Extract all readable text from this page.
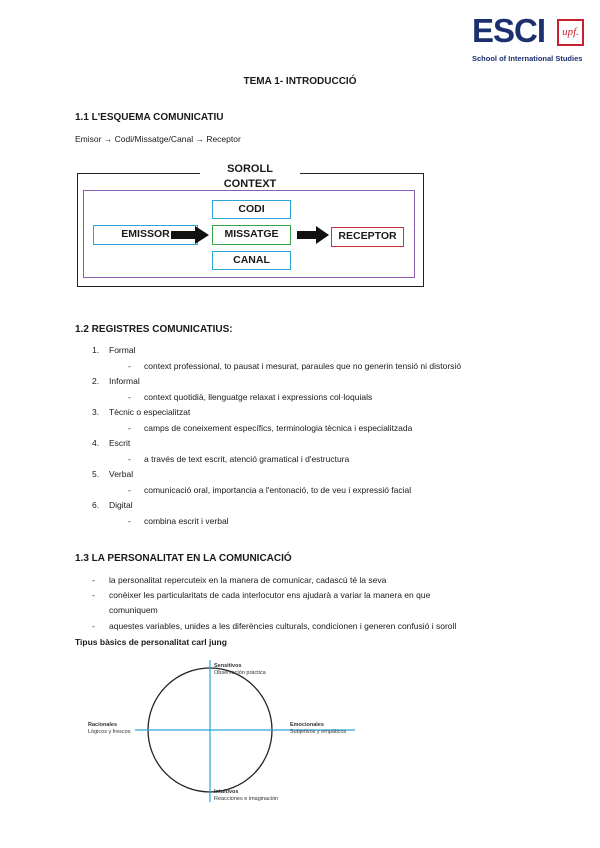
ESCI	upf.
School of International Studies
TEMA 1- INTRODUCCIÓ
1.1 L'ESQUEMA COMUNICATIU
Emisor → Codi/Missatge/Canal → Receptor
SOROLL
CONTEXT
EMISSOR
CODI
MISSATGE
CANAL
RECEPTOR
1.2 REGISTRES COMUNICATIUS:
1.	Formal
- context professional, to pausat i mesurat, paraules que no generin tensió ni distorsió
2.	Informal
- context quotidià, llenguatge relaxat i expressions col·loquials
3.	Tècnic o especialitzat
- camps de coneixement específics, terminologia tècnica i especialitzada
4.	Escrit
- a través de text escrit, atenció gramatical i d'estructura
5.	Verbal
- comunicació oral, importancia a l'entonació, to de veu i expressió facial
6.	Digital
- combina escrit i verbal
1.3 LA PERSONALITAT EN LA COMUNICACIÓ
- la personalitat repercuteix en la manera de comunicar, cadascú té la seva
- conèixer les particularitats de cada interlocutor ens ajudarà a variar la manera en que
comuniquem
- aquestes variables, unides a les diferències culturals, condicionen i generen confusió i soroll
Tipus bàsics de personalitat carl jung
Sensitivos
Observación práctica
Racionales
Lógicos y frescos
Emocionales
Subjetivos y empáticos
Intuitivos
Reacciones e imaginación
